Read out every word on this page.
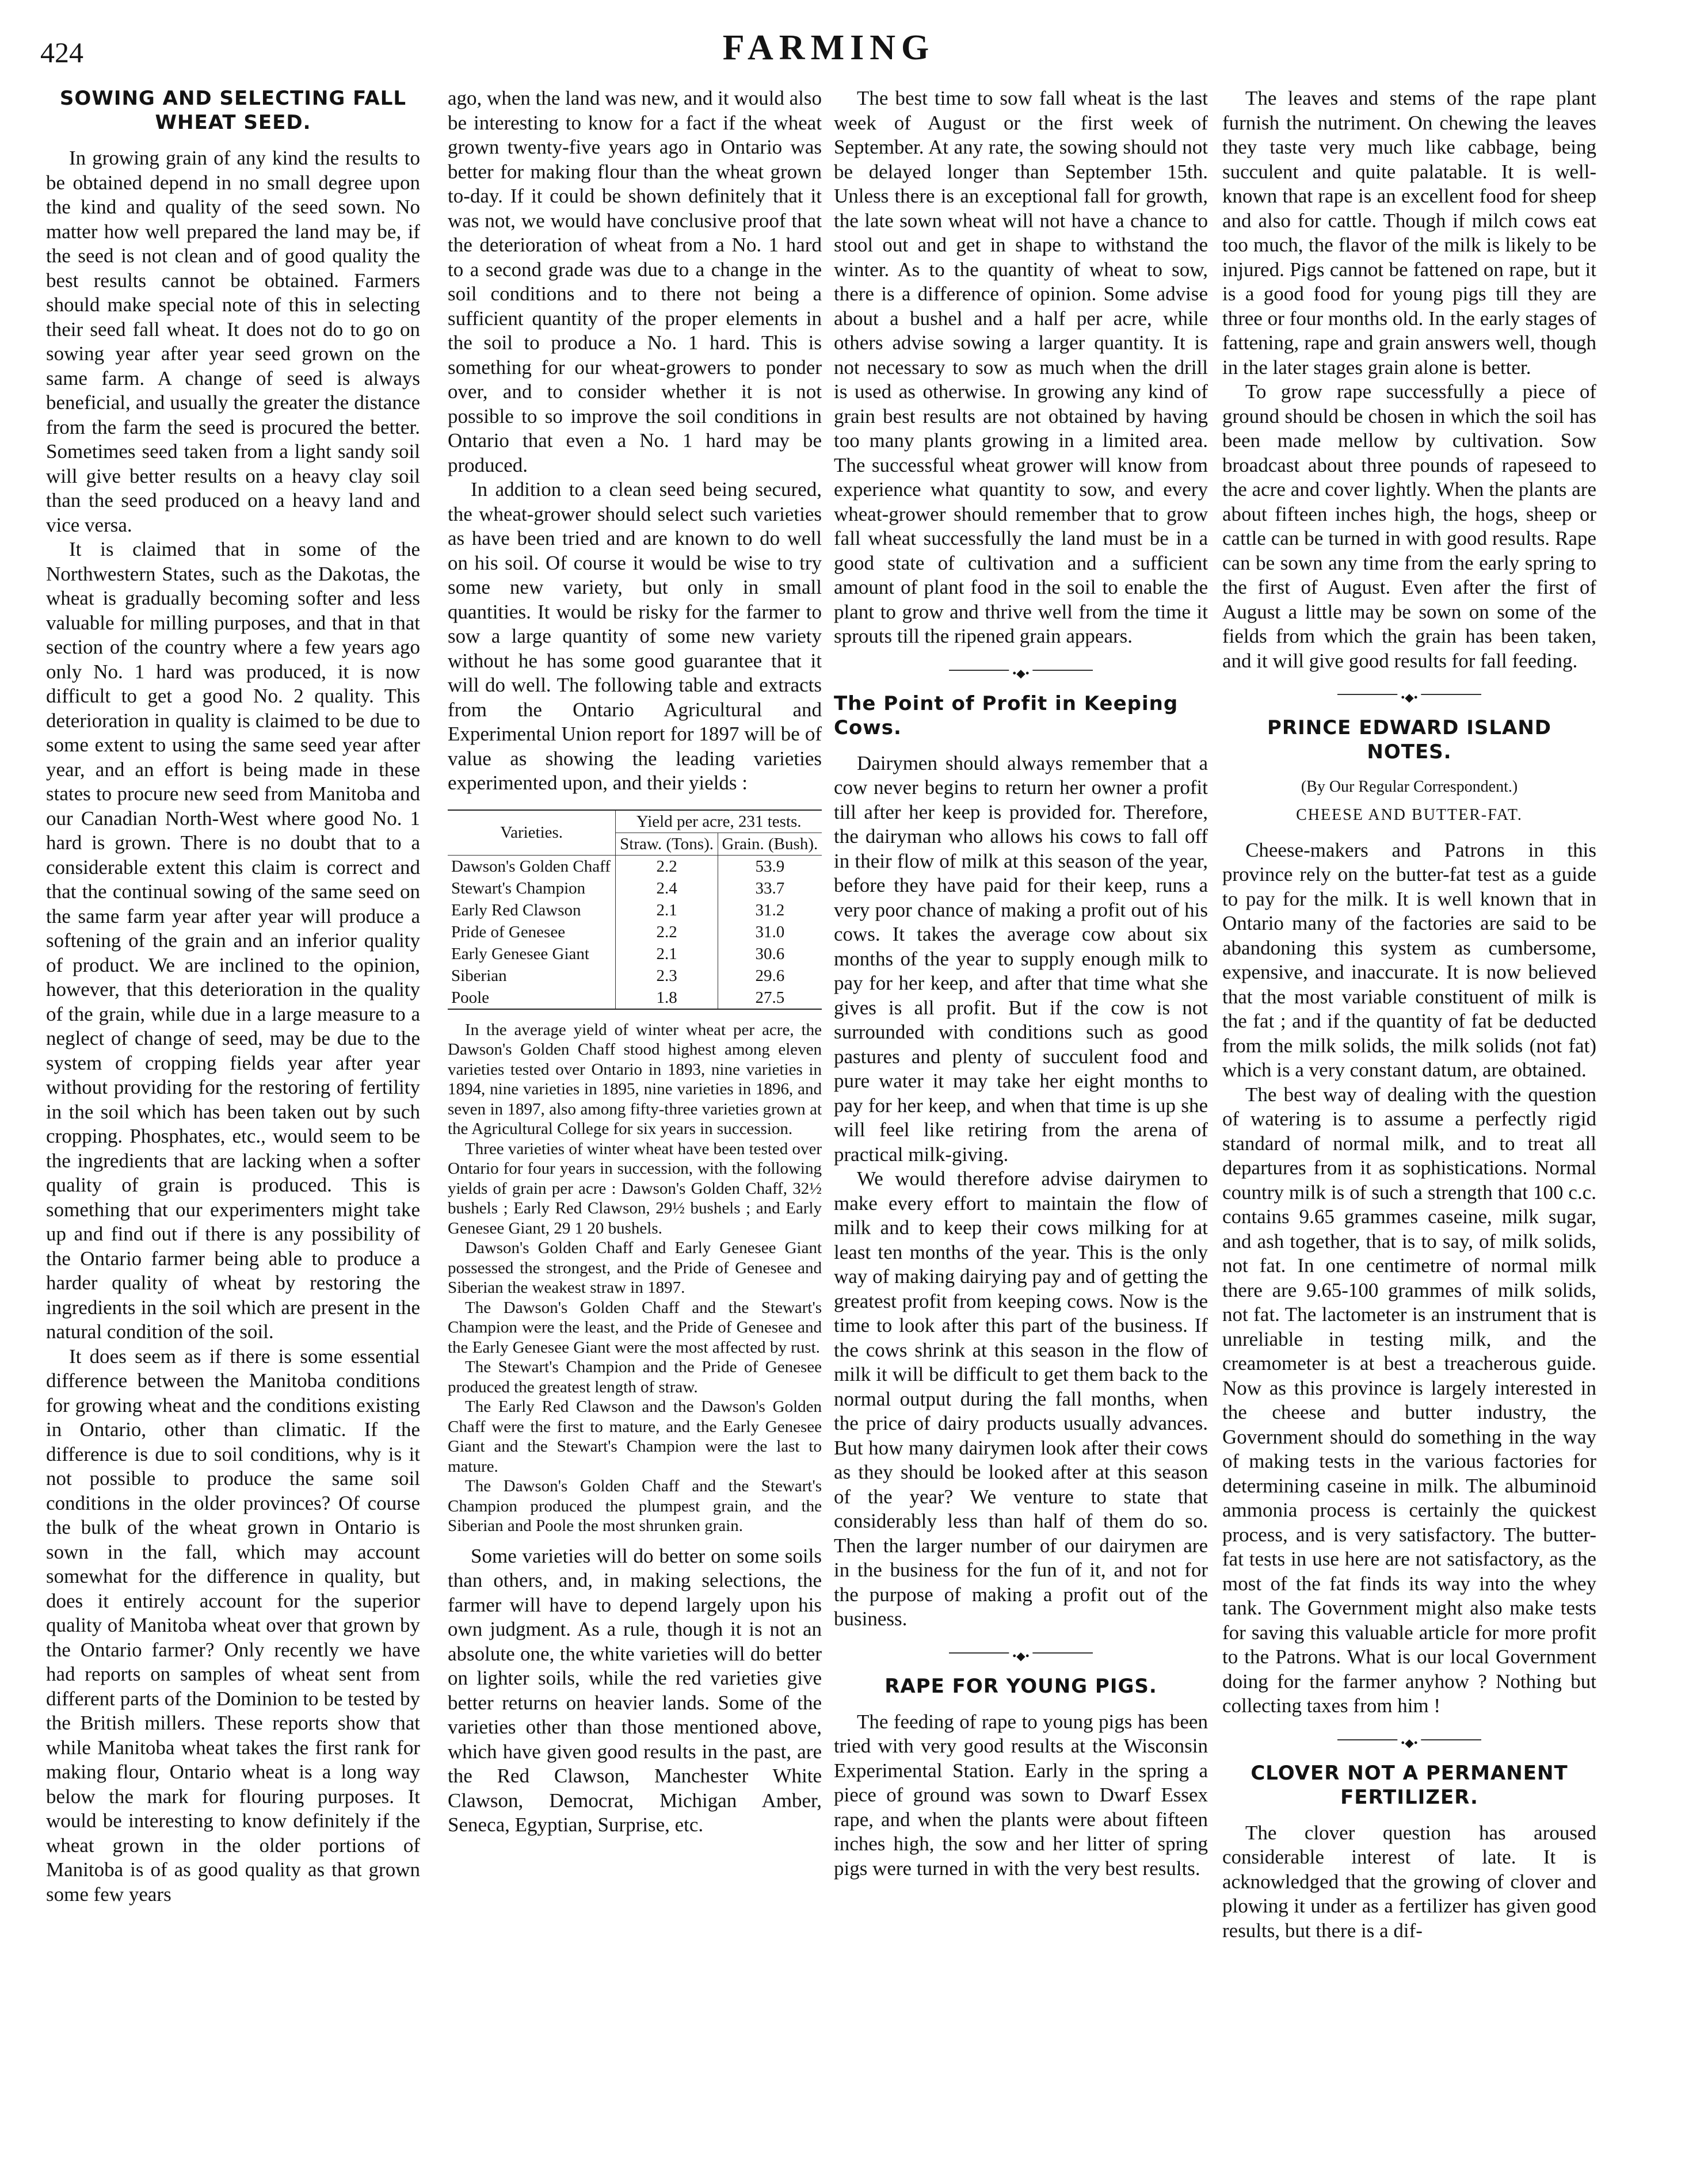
424	FARMING
SOWING AND SELECTING FALL WHEAT SEED.

In growing grain of any kind the results to be obtained depend in no small degree upon the kind and quality of the seed sown. No matter how well prepared the land may be, if the seed is not clean and of good quality the best results cannot be obtained. Farmers should make special note of this in selecting their seed fall wheat. It does not do to go on sowing year after year seed grown on the same farm. A change of seed is always beneficial, and usually the greater the distance from the farm the seed is procured the better. Sometimes seed taken from a light sandy soil will give better results on a heavy clay soil than the seed produced on a heavy land and vice versa.

It is claimed that in some of the Northwestern States, such as the Dakotas, the wheat is gradually becoming softer and less valuable for milling purposes, and that in that section of the country where a few years ago only No. 1 hard was produced, it is now difficult to get a good No. 2 quality. This deterioration in quality is claimed to be due to some extent to using the same seed year after year, and an effort is being made in these states to procure new seed from Manitoba and our Canadian North-West where good No. 1 hard is grown. There is no doubt that to a considerable extent this claim is correct and that the continual sowing of the same seed on the same farm year after year will produce a softening of the grain and an inferior quality of product. We are inclined to the opinion, however, that this deterioration in the quality of the grain, while due in a large measure to a neglect of change of seed, may be due to the system of cropping fields year after year without providing for the restoring of fertility in the soil which has been taken out by such cropping. Phosphates, etc., would seem to be the ingredients that are lacking when a softer quality of grain is produced. This is something that our experimenters might take up and find out if there is any possibility of the Ontario farmer being able to produce a harder quality of wheat by restoring the ingredients in the soil which are present in the natural condition of the soil.

It does seem as if there is some essential difference between the Manitoba conditions for growing wheat and the conditions existing in Ontario, other than climatic. If the difference is due to soil conditions, why is it not possible to produce the same soil conditions in the older provinces? Of course the bulk of the wheat grown in Ontario is sown in the fall, which may account somewhat for the difference in quality, but does it entirely account for the superior quality of Manitoba wheat over that grown by the Ontario farmer? Only recently we have had reports on samples of wheat sent from different parts of the Dominion to be tested by the British millers. These reports show that while Manitoba wheat takes the first rank for making flour, Ontario wheat is a long way below the mark for flouring purposes. It would be interesting to know definitely if the wheat grown in the older portions of Manitoba is of as good quality as that grown some few years

ago, when the land was new, and it would also be interesting to know for a fact if the wheat grown twenty-five years ago in Ontario was better for making flour than the wheat grown to-day. If it could be shown definitely that it was not, we would have conclusive proof that the deterioration of wheat from a No. 1 hard to a second grade was due to a change in the soil conditions and to there not being a sufficient quantity of the proper elements in the soil to produce a No. 1 hard. This is something for our wheat-growers to ponder over, and to consider whether it is not possible to so improve the soil conditions in Ontario that even a No. 1 hard may be produced.

In addition to a clean seed being secured, the wheat-grower should select such varieties as have been tried and are known to do well on his soil. Of course it would be wise to try some new variety, but only in small quantities. It would be risky for the farmer to sow a large quantity of some new variety without he has some good guarantee that it will do well. The following table and extracts from the Ontario Agricultural and Experimental Union report for 1897 will be of value as showing the leading varieties experimented upon, and their yields :

Varieties.	Yield per acre, 231 tests.	
	Straw. (Tons).	Grain. (Bush).
Dawson's Golden Chaff	2.2	53.9
Stewart's Champion	2.4	33.7
Early Red Clawson	2.1	31.2
Pride of Genesee	2.2	31.0
Early Genesee Giant	2.1	30.6
Siberian	2.3	29.6
Poole	1.8	27.5

In the average yield of winter wheat per acre, the Dawson's Golden Chaff stood highest among eleven varieties tested over Ontario in 1893, nine varieties in 1894, nine varieties in 1895, nine varieties in 1896, and seven in 1897, also among fifty-three varieties grown at the Agricultural College for six years in succession.

Three varieties of winter wheat have been tested over Ontario for four years in succession, with the following yields of grain per acre : Dawson's Golden Chaff, 32½ bushels ; Early Red Clawson, 29½ bushels ; and Early Genesee Giant, 29 1 20 bushels.

Dawson's Golden Chaff and Early Genesee Giant possessed the strongest, and the Pride of Genesee and Siberian the weakest straw in 1897.

The Dawson's Golden Chaff and the Stewart's Champion were the least, and the Pride of Genesee and the Early Genesee Giant were the most affected by rust.

The Stewart's Champion and the Pride of Genesee produced the greatest length of straw.

The Early Red Clawson and the Dawson's Golden Chaff were the first to mature, and the Early Genesee Giant and the Stewart's Champion were the last to mature.

The Dawson's Golden Chaff and the Stewart's Champion produced the plumpest grain, and the Siberian and Poole the most shrunken grain.

Some varieties will do better on some soils than others, and, in making selections, the farmer will have to depend largely upon his own judgment. As a rule, though it is not an absolute one, the white varieties will do better on lighter soils, while the red varieties give better returns on heavier lands. Some of the varieties other than those mentioned above, which have given good results in the past, are the Red Clawson, Manchester White Clawson, Democrat, Michigan Amber, Seneca, Egyptian, Surprise, etc.

The best time to sow fall wheat is the last week of August or the first week of September. At any rate, the sowing should not be delayed longer than September 15th. Unless there is an exceptional fall for growth, the late sown wheat will not have a chance to stool out and get in shape to withstand the winter. As to the quantity of wheat to sow, there is a difference of opinion. Some advise about a bushel and a half per acre, while others advise sowing a larger quantity. It is not necessary to sow as much when the drill is used as otherwise. In growing any kind of grain best results are not obtained by having too many plants growing in a limited area. The successful wheat grower will know from experience what quantity to sow, and every wheat-grower should remember that to grow fall wheat successfully the land must be in a good state of cultivation and a sufficient amount of plant food in the soil to enable the plant to grow and thrive well from the time it sprouts till the ripened grain appears.

•◆•
The Point of Profit in Keeping Cows.

Dairymen should always remember that a cow never begins to return her owner a profit till after her keep is provided for. Therefore, the dairyman who allows his cows to fall off in their flow of milk at this season of the year, before they have paid for their keep, runs a very poor chance of making a profit out of his cows. It takes the average cow about six months of the year to supply enough milk to pay for her keep, and after that time what she gives is all profit. But if the cow is not surrounded with conditions such as good pastures and plenty of succulent food and pure water it may take her eight months to pay for her keep, and when that time is up she will feel like retiring from the arena of practical milk-giving.

We would therefore advise dairymen to make every effort to maintain the flow of milk and to keep their cows milking for at least ten months of the year. This is the only way of making dairying pay and of getting the greatest profit from keeping cows. Now is the time to look after this part of the business. If the cows shrink at this season in the flow of milk it will be difficult to get them back to the normal output during the fall months, when the price of dairy products usually advances. But how many dairymen look after their cows as they should be looked after at this season of the year? We venture to state that considerably less than half of them do so. Then the larger number of our dairymen are in the business for the fun of it, and not for the purpose of making a profit out of the business.

•◆•
RAPE FOR YOUNG PIGS.

The feeding of rape to young pigs has been tried with very good results at the Wisconsin Experimental Station. Early in the spring a piece of ground was sown to Dwarf Essex rape, and when the plants were about fifteen inches high, the sow and her litter of spring pigs were turned in with the very best results.

The leaves and stems of the rape plant furnish the nutriment. On chewing the leaves they taste very much like cabbage, being succulent and quite palatable. It is well-known that rape is an excellent food for sheep and also for cattle. Though if milch cows eat too much, the flavor of the milk is likely to be injured. Pigs cannot be fattened on rape, but it is a good food for young pigs till they are three or four months old. In the early stages of fattening, rape and grain answers well, though in the later stages grain alone is better.

To grow rape successfully a piece of ground should be chosen in which the soil has been made mellow by cultivation. Sow broadcast about three pounds of rapeseed to the acre and cover lightly. When the plants are about fifteen inches high, the hogs, sheep or cattle can be turned in with good results. Rape can be sown any time from the early spring to the first of August. Even after the first of August a little may be sown on some of the fields from which the grain has been taken, and it will give good results for fall feeding.

•◆•
PRINCE EDWARD ISLAND NOTES.
(By Our Regular Correspondent.)
CHEESE AND BUTTER-FAT.

Cheese-makers and Patrons in this province rely on the butter-fat test as a guide to pay for the milk. It is well known that in Ontario many of the factories are said to be abandoning this system as cumbersome, expensive, and inaccurate. It is now believed that the most variable constituent of milk is the fat ; and if the quantity of fat be deducted from the milk solids, the milk solids (not fat) which is a very constant datum, are obtained.

The best way of dealing with the question of watering is to assume a perfectly rigid standard of normal milk, and to treat all departures from it as sophistications. Normal country milk is of such a strength that 100 c.c. contains 9.65 grammes caseine, milk sugar, and ash together, that is to say, of milk solids, not fat. In one centimetre of normal milk there are 9.65-100 grammes of milk solids, not fat. The lactometer is an instrument that is unreliable in testing milk, and the creamometer is at best a treacherous guide. Now as this province is largely interested in the cheese and butter industry, the Government should do something in the way of making tests in the various factories for determining caseine in milk. The albuminoid ammonia process is certainly the quickest process, and is very satisfactory. The butter-fat tests in use here are not satisfactory, as the most of the fat finds its way into the whey tank. The Government might also make tests for saving this valuable article for more profit to the Patrons. What is our local Government doing for the farmer anyhow ? Nothing but collecting taxes from him !

•◆•
CLOVER NOT A PERMANENT FERTILIZER.

The clover question has aroused considerable interest of late. It is acknowledged that the growing of clover and plowing it under as a fertilizer has given good results, but there is a dif-
